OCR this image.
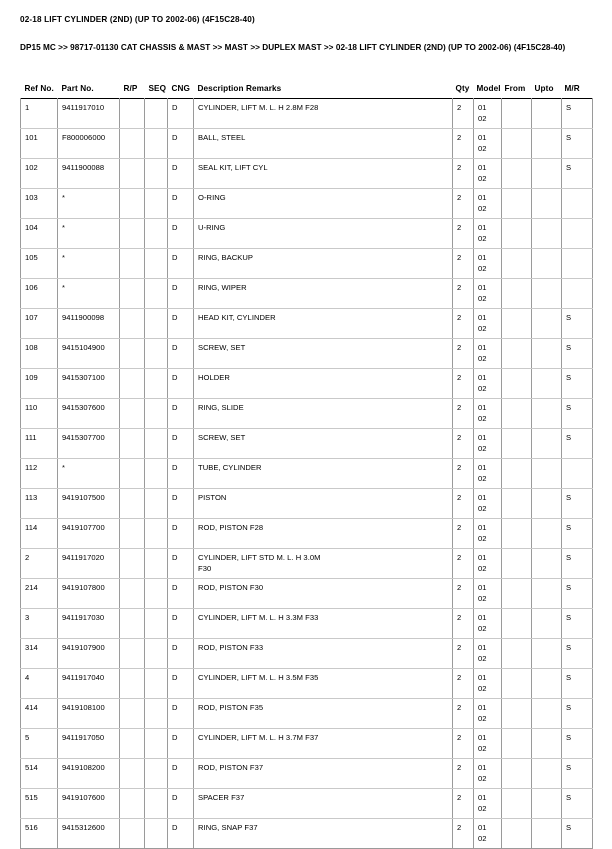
02-18 LIFT CYLINDER (2ND) (UP TO 2002-06) (4F15C28-40)
DP15 MC >> 98717-01130 CAT CHASSIS & MAST >> MAST >> DUPLEX MAST >> 02-18 LIFT CYLINDER (2ND) (UP TO 2002-06) (4F15C28-40)
Ref No.	Part No.	R/P	SEQ	CNG	Description Remarks	Qty	Model	From	Upto	M/R
1	9411917010			D	CYLINDER, LIFT M. L. H 2.8M F28	2	01
02			S
101	F800006000			D	BALL, STEEL	2	01
02			S
102	9411900088			D	SEAL KIT, LIFT CYL	2	01
02			S
103	*			D	O-RING	2	01
02			

104	*			D	U-RING	2	01
02			

105	*			D	RING, BACKUP	2	01
02			

106	*			D	RING, WIPER	2	01
02			

107	9411900098			D	HEAD KIT, CYLINDER	2	01
02			S
108	9415104900			D	SCREW, SET	2	01
02			S
109	9415307100			D	HOLDER	2	01
02			S
110	9415307600			D	RING, SLIDE	2	01
02			S
111	9415307700			D	SCREW, SET	2	01
02			S
112	*			D	TUBE, CYLINDER	2	01
02			

113	9419107500			D	PISTON	2	01
02			S
114	9419107700			D	ROD, PISTON F28	2	01
02			S
2	9411917020			D	CYLINDER, LIFT STD M. L. H 3.0M
F30	2	01
02			S
214	9419107800			D	ROD, PISTON F30	2	01
02			S
3	9411917030			D	CYLINDER, LIFT M. L. H 3.3M F33	2	01
02			S
314	9419107900			D	ROD, PISTON F33	2	01
02			S
4	9411917040			D	CYLINDER, LIFT M. L. H 3.5M F35	2	01
02			S
414	9419108100			D	ROD, PISTON F35	2	01
02			S
5	9411917050			D	CYLINDER, LIFT M. L. H 3.7M F37	2	01
02			S
514	9419108200			D	ROD, PISTON F37	2	01
02			S
515	9419107600			D	SPACER F37	2	01
02			S
516	9415312600			D	RING, SNAP F37	2	01
02			S
